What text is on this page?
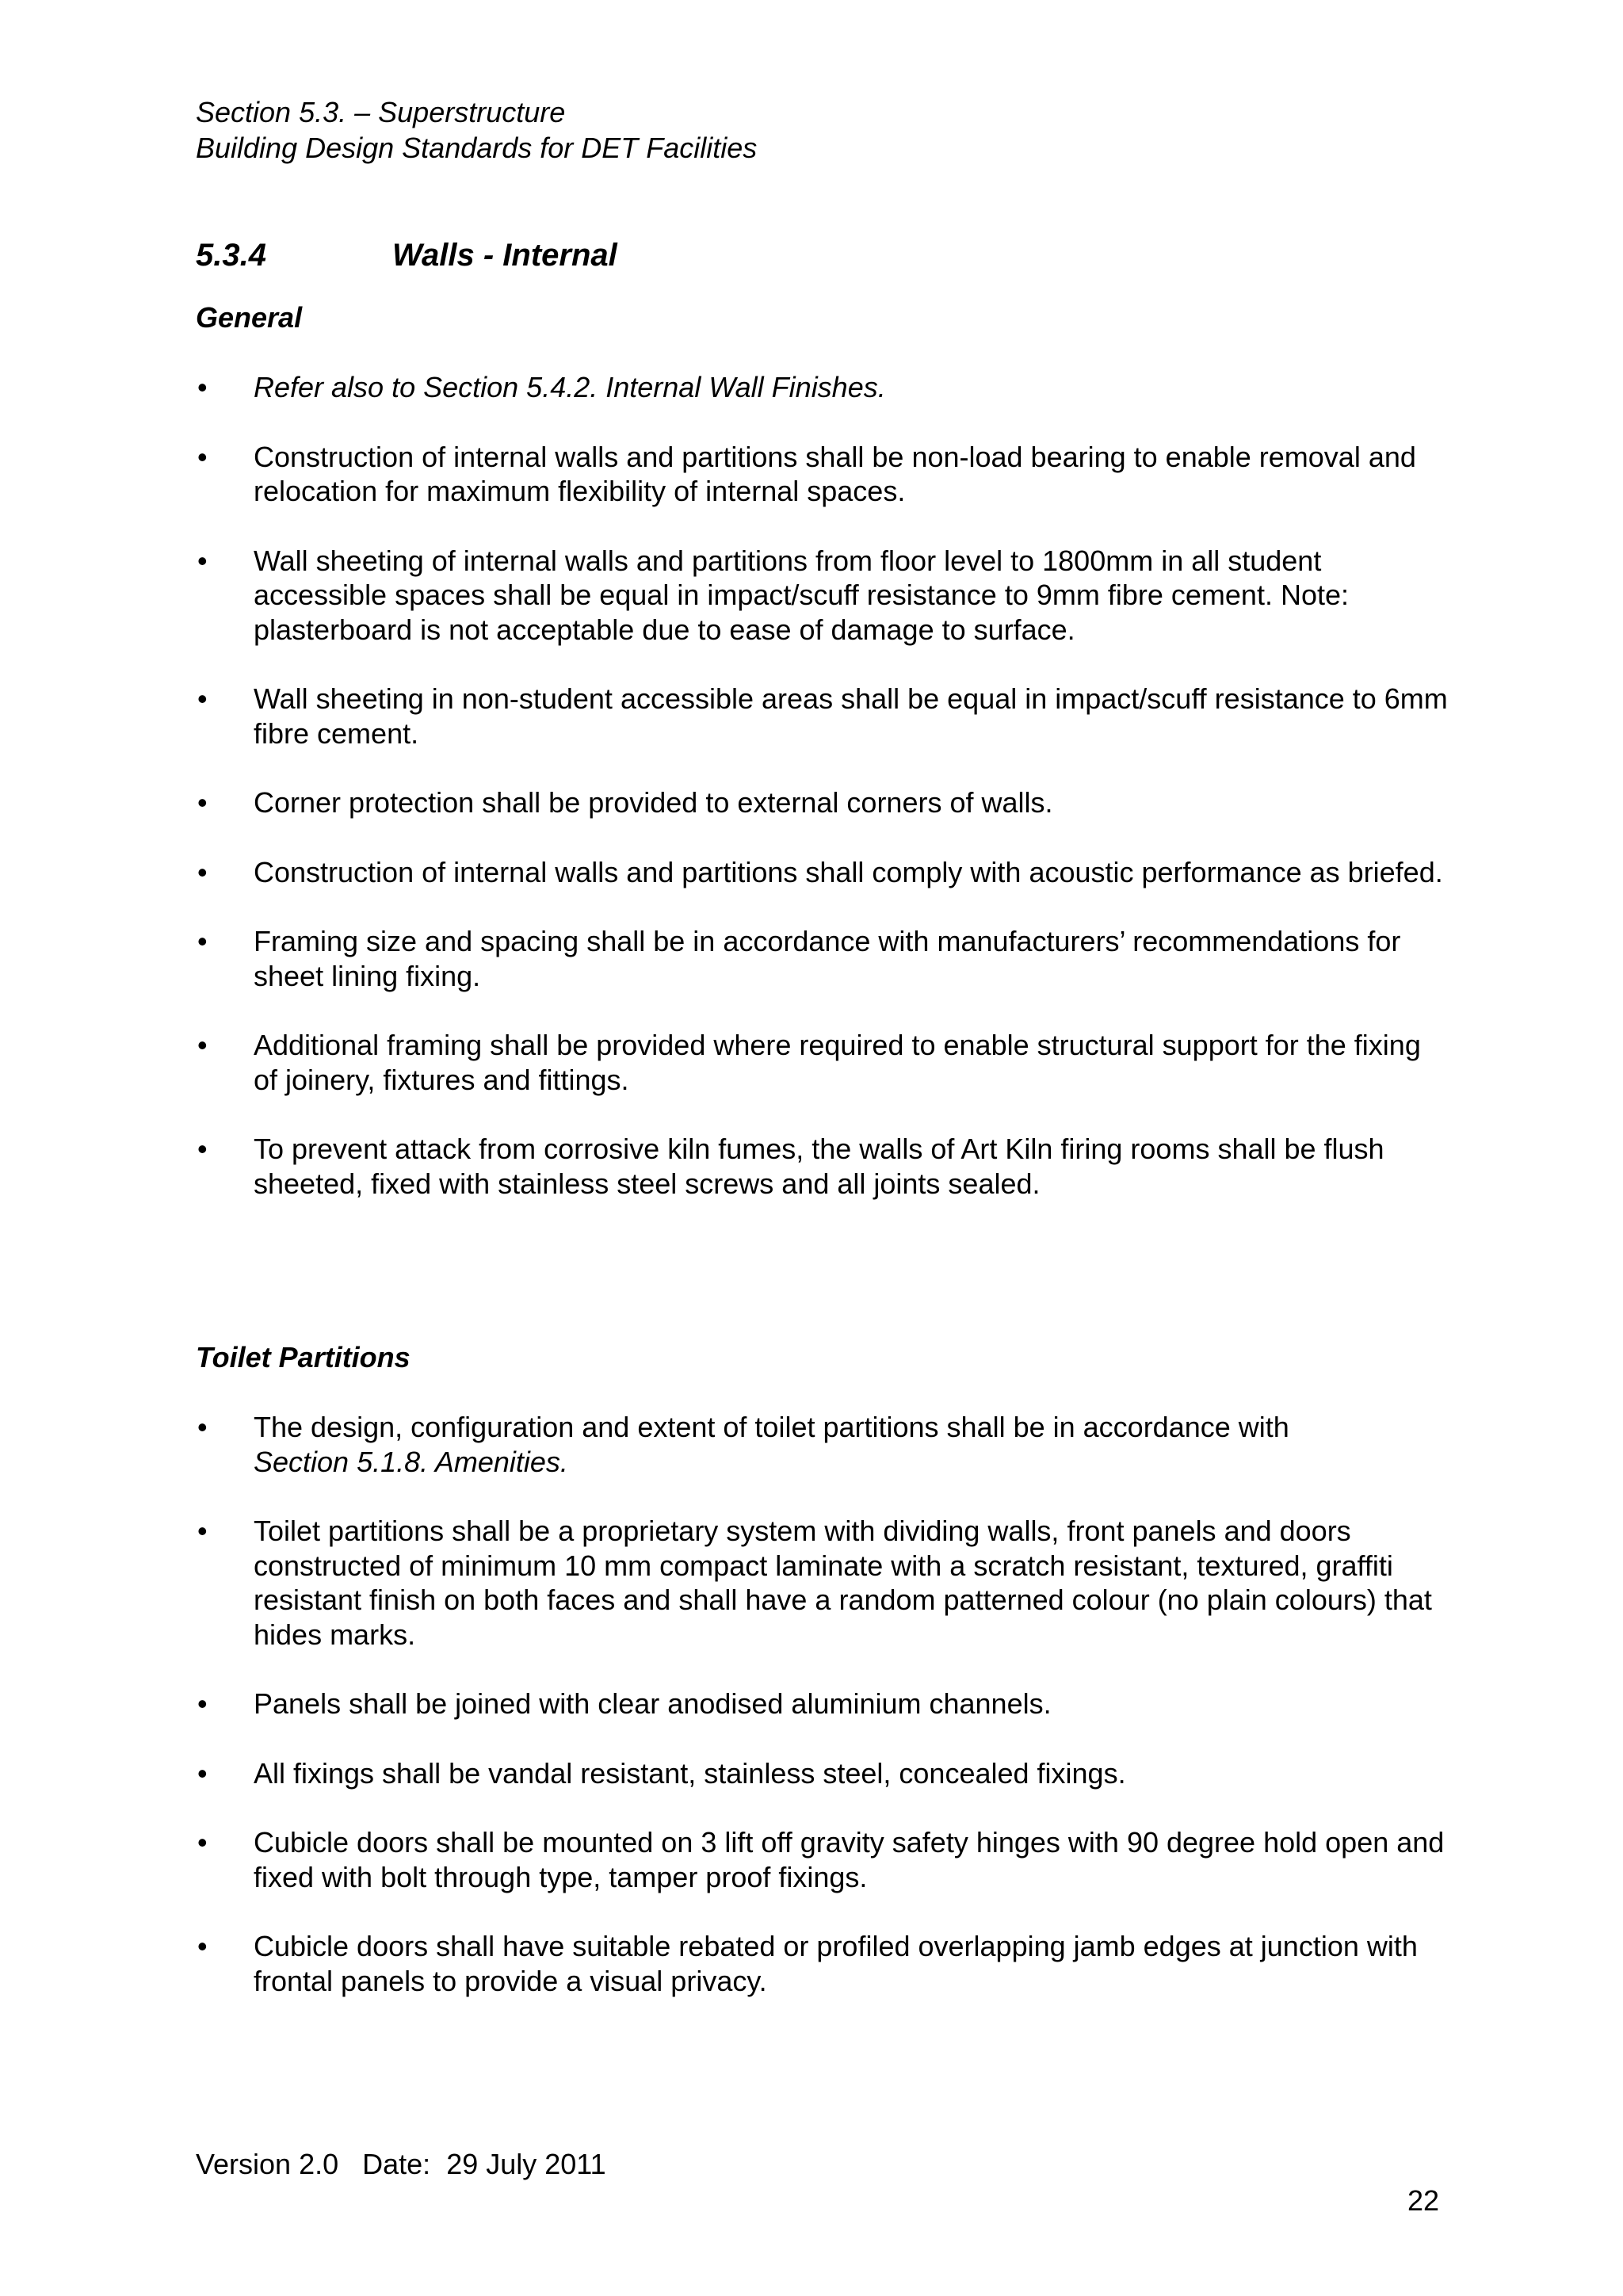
Section 5.3. – Superstructure
Building Design Standards for DET Facilities
5.3.4	Walls - Internal
General
• Refer also to Section 5.4.2. Internal Wall Finishes.
• Construction of internal walls and partitions shall be non-load bearing to enable removal and relocation for maximum flexibility of internal spaces.
• Wall sheeting of internal walls and partitions from floor level to 1800mm in all student accessible spaces shall be equal in impact/scuff resistance to 9mm fibre cement. Note: plasterboard is not acceptable due to ease of damage to surface.
• Wall sheeting in non-student accessible areas shall be equal in impact/scuff resistance to 6mm fibre cement.
• Corner protection shall be provided to external corners of walls.
• Construction of internal walls and partitions shall comply with acoustic performance as briefed.
• Framing size and spacing shall be in accordance with manufacturers’ recommendations for sheet lining fixing.
• Additional framing shall be provided where required to enable structural support for the fixing of joinery, fixtures and fittings.
• To prevent attack from corrosive kiln fumes, the walls of Art Kiln firing rooms shall be flush sheeted, fixed with stainless steel screws and all joints sealed.
Toilet Partitions
• The design, configuration and extent of toilet partitions shall be in accordance with
Section 5.1.8. Amenities.
• Toilet partitions shall be a proprietary system with dividing walls, front panels and doors constructed of minimum 10 mm compact laminate with a scratch resistant, textured, graffiti resistant finish on both faces and shall have a random patterned colour (no plain colours) that hides marks.
• Panels shall be joined with clear anodised aluminium channels.
• All fixings shall be vandal resistant, stainless steel, concealed fixings.
• Cubicle doors shall be mounted on 3 lift off gravity safety hinges with 90 degree hold open and fixed with bolt through type, tamper proof fixings.
• Cubicle doors shall have suitable rebated or profiled overlapping jamb edges at junction with frontal panels to provide a visual privacy.
Version 2.0 Date:  29 July 2011
22
